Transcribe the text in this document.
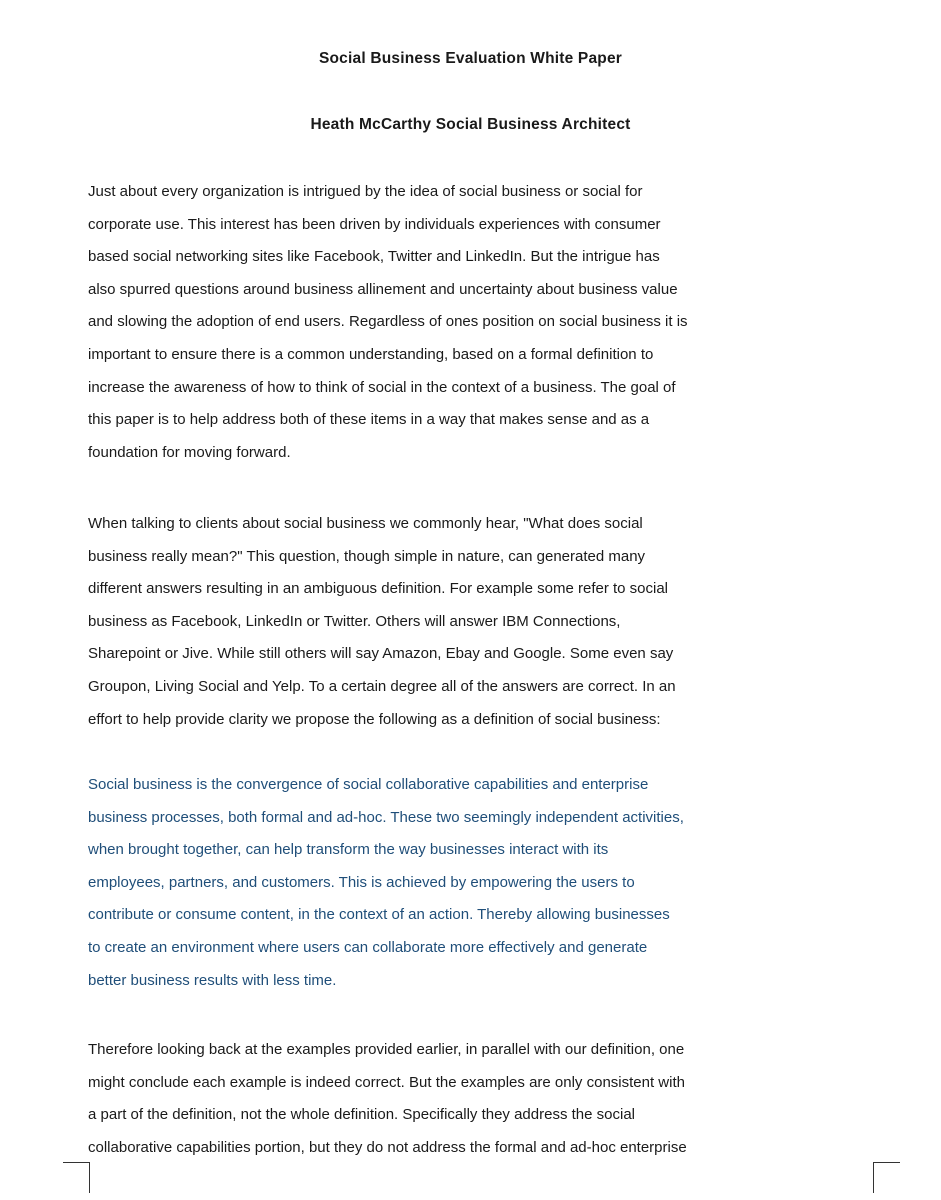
Social Business Evaluation White Paper
Heath McCarthy Social Business Architect

Just about every organization is intrigued by the idea of social business or social for
corporate use. This interest has been driven by individuals experiences with consumer
based social networking sites like Facebook, Twitter and LinkedIn. But the intrigue has
also spurred questions around business allinement and uncertainty about business value
and slowing the adoption of end users. Regardless of ones position on social business it is
important to ensure there is a common understanding, based on a formal definition to
increase the awareness of how to think of social in the context of a business. The goal of
this paper is to help address both of these items in a way that makes sense and as a
foundation for moving forward.

When talking to clients about social business we commonly hear, "What does social
business really mean?" This question, though simple in nature, can generated many
different answers resulting in an ambiguous definition. For example some refer to social
business as Facebook, LinkedIn or Twitter. Others will answer IBM Connections,
Sharepoint or Jive. While still others will say Amazon, Ebay and Google. Some even say
Groupon, Living Social and Yelp. To a certain degree all of the answers are correct. In an
effort to help provide clarity we propose the following as a definition of social business:

Social business is the convergence of social collaborative capabilities and enterprise
business processes, both formal and ad-hoc. These two seemingly independent activities,
when brought together, can help transform the way businesses interact with its
employees, partners, and customers. This is achieved by empowering the users to
contribute or consume content, in the context of an action. Thereby allowing businesses
to create an environment where users can collaborate more effectively and generate
better business results with less time.

Therefore looking back at the examples provided earlier, in parallel with our definition, one
might conclude each example is indeed correct. But the examples are only consistent with
a part of the definition, not the whole definition. Specifically they address the social
collaborative capabilities portion, but they do not address the formal and ad-hoc enterprise
